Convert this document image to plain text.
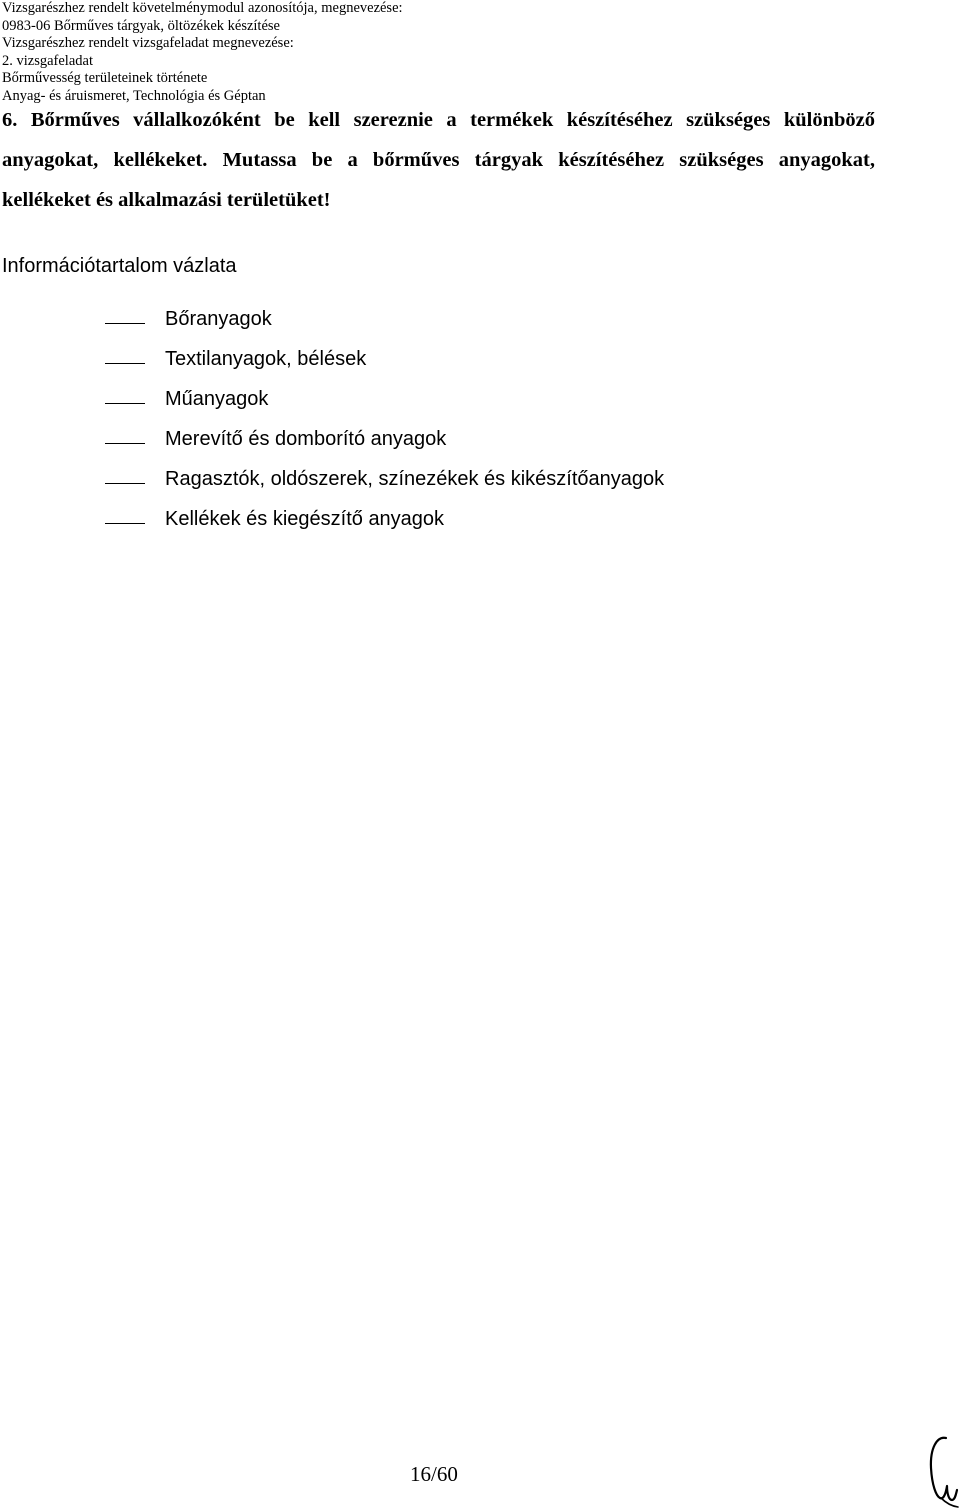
Vizsgarészhez rendelt követelménymodul azonosítója, megnevezése:
0983-06 Bőrműves tárgyak, öltözékek készítése
Vizsgarészhez rendelt vizsgafeladat megnevezése:
2. vizsgafeladat
Bőrművesség területeinek története
Anyag- és áruismeret, Technológia és Géptan
6. Bőrműves vállalkozóként be kell szereznie a termékek készítéséhez szükséges különböző anyagokat, kellékeket. Mutassa be a bőrműves tárgyak készítéséhez szükséges anyagokat, kellékeket és alkalmazási területüket!
Információtartalom vázlata
Bőranyagok
Textilanyagok, bélések
Műanyagok
Merevítő és domborító anyagok
Ragasztók, oldószerek, színezékek és kikészítőanyagok
Kellékek és kiegészítő anyagok
16/60
